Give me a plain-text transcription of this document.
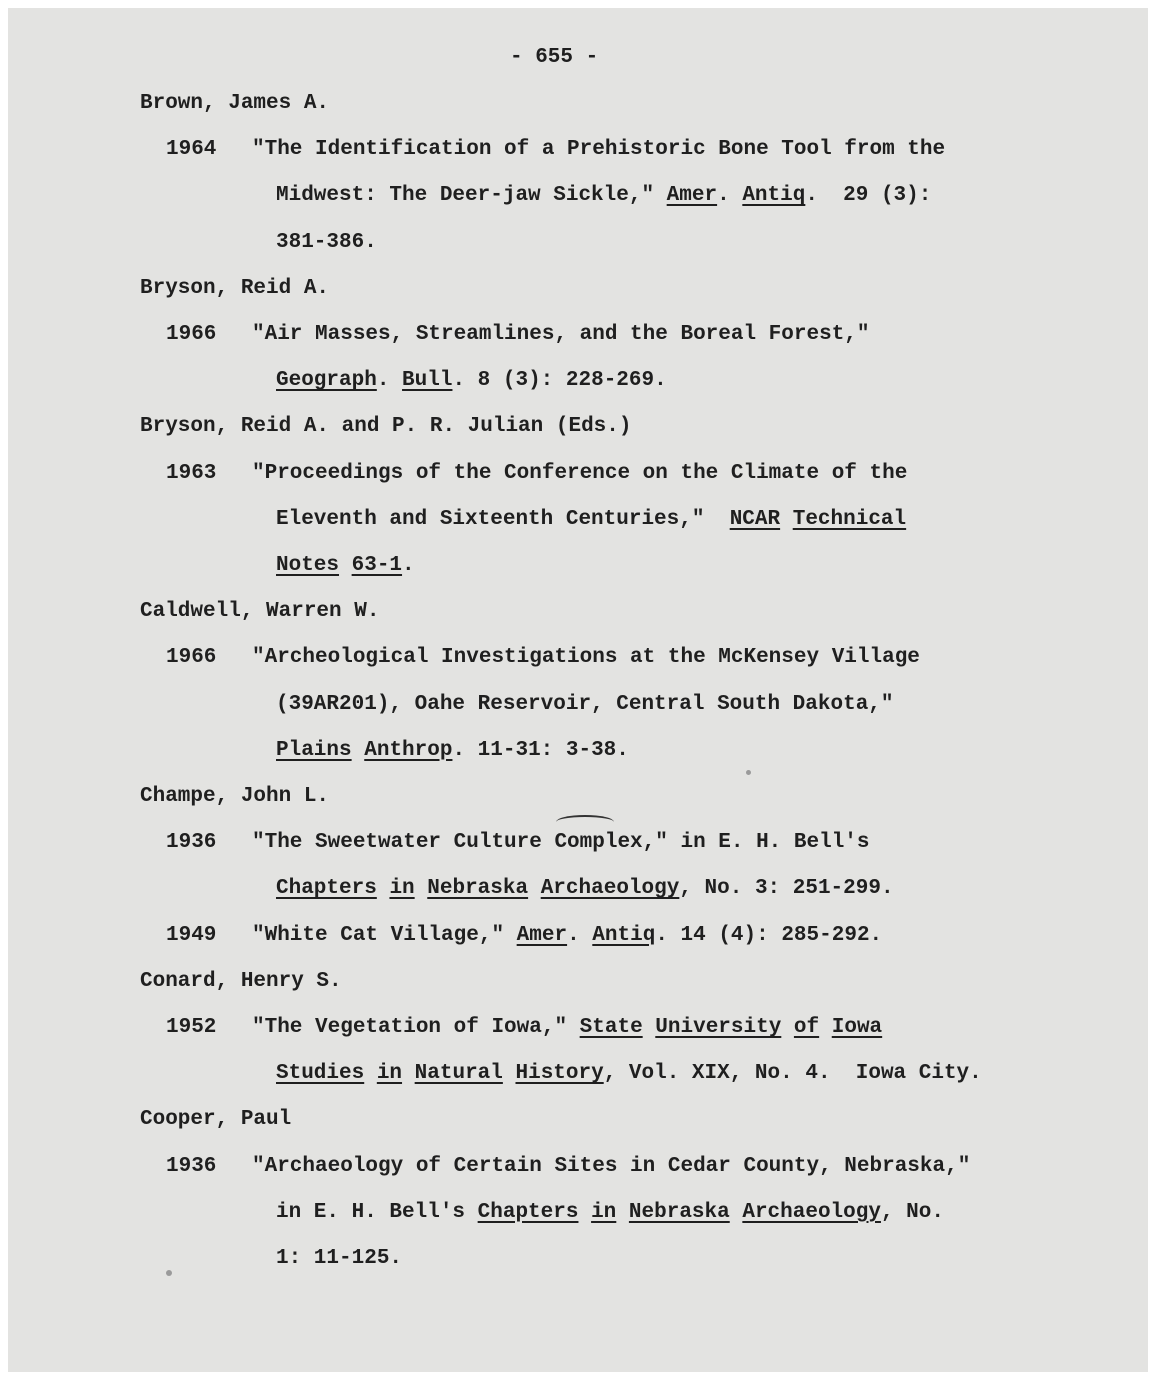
- 655 -
Brown, James A.
1964 "The Identification of a Prehistoric Bone Tool from the
Midwest: The Deer-jaw Sickle," Amer. Antiq.  29 (3):
381-386.
Bryson, Reid A.
1966 "Air Masses, Streamlines, and the Boreal Forest,"
Geograph. Bull. 8 (3): 228-269.
Bryson, Reid A. and P. R. Julian (Eds.)
1963 "Proceedings of the Conference on the Climate of the
Eleventh and Sixteenth Centuries,"  NCAR Technical
Notes 63-1.
Caldwell, Warren W.
1966 "Archeological Investigations at the McKensey Village
(39AR201), Oahe Reservoir, Central South Dakota,"
Plains Anthrop. 11-31: 3-38.
Champe, John L.
1936 "The Sweetwater Culture Complex," in E. H. Bell's
Chapters in Nebraska Archaeology, No. 3: 251-299.
1949 "White Cat Village," Amer. Antiq. 14 (4): 285-292.
Conard, Henry S.
1952 "The Vegetation of Iowa," State University of Iowa
Studies in Natural History, Vol. XIX, No. 4.  Iowa City.
Cooper, Paul
1936 "Archaeology of Certain Sites in Cedar County, Nebraska,"
in E. H. Bell's Chapters in Nebraska Archaeology, No.
1: 11-125.
